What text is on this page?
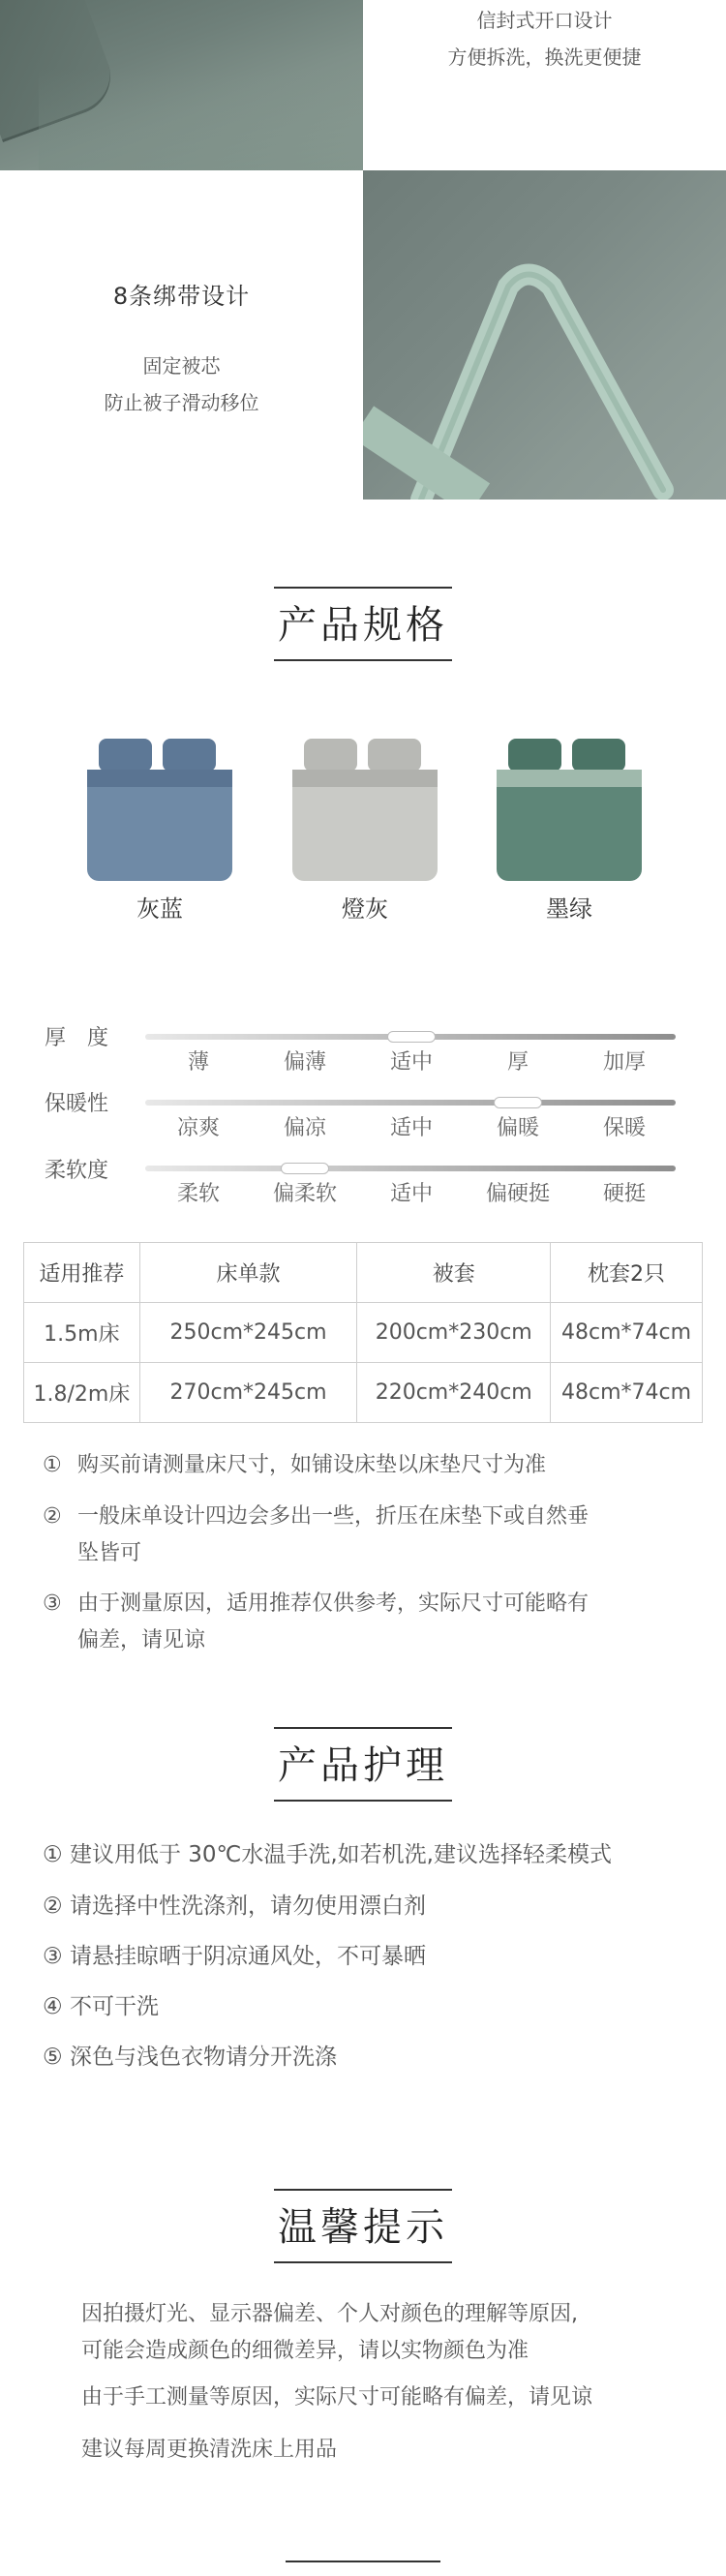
信封式开口设计
方便拆洗，换洗更便捷
8条绑带设计
固定被芯
防止被子滑动移位
产品规格
灰蓝	燈灰	墨绿
厚　度
薄	偏薄	适中	厚	加厚
保暖性
凉爽	偏凉	适中	偏暖	保暖
柔软度
柔软	偏柔软	适中	偏硬挺	硬挺
适用推荐	床单款	被套	枕套2只
1.5m床	250cm*245cm	200cm*230cm	48cm*74cm
1.8/2m床	270cm*245cm	220cm*240cm	48cm*74cm
① 购买前请测量床尺寸，如铺设床垫以床垫尺寸为准
② 一般床单设计四边会多出一些，折压在床垫下或自然垂
坠皆可
③ 由于测量原因，适用推荐仅供参考，实际尺寸可能略有
偏差，请见谅
产品护理
① 建议用低于 30℃水温手洗,如若机洗,建议选择轻柔模式
② 请选择中性洗涤剂，请勿使用漂白剂
③ 请悬挂晾晒于阴凉通风处，不可暴晒
④ 不可干洗
⑤ 深色与浅色衣物请分开洗涤
温馨提示
因拍摄灯光、显示器偏差、个人对颜色的理解等原因,
可能会造成颜色的细微差异，请以实物颜色为准
由于手工测量等原因，实际尺寸可能略有偏差，请见谅
建议每周更换清洗床上用品
